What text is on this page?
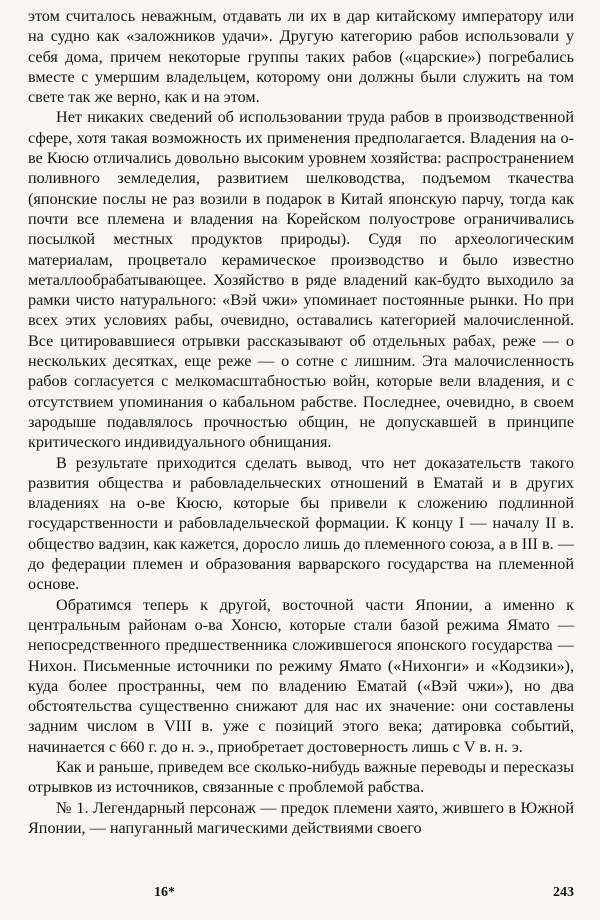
этом считалось неважным, отдавать ли их в дар китайскому императору или на судно как «заложников удачи». Другую категорию рабов использовали у себя дома, причем некоторые группы таких рабов («царские») погребались вместе с умершим владельцем, которому они должны были служить на том свете так же верно, как и на этом.

Нет никаких сведений об использовании труда рабов в производственной сфере, хотя такая возможность их применения предполагается. Владения на о-ве Кюсю отличались довольно высоким уровнем хозяйства: распространением поливного земледелия, развитием шелководства, подъемом ткачества (японские послы не раз возили в подарок в Китай японскую парчу, тогда как почти все племена и владения на Корейском полуострове ограничивались посылкой местных продуктов природы). Судя по археологическим материалам, процветало керамическое производство и было известно металлообрабатывающее. Хозяйство в ряде владений как-будто выходило за рамки чисто натурального: «Вэй чжи» упоминает постоянные рынки. Но при всех этих условиях рабы, очевидно, оставались категорией малочисленной. Все цитировавшиеся отрывки рассказывают об отдельных рабах, реже — о нескольких десятках, еще реже — о сотне с лишним. Эта малочисленность рабов согласуется с мелкомасштабностью войн, которые вели владения, и с отсутствием упоминания о кабальном рабстве. Последнее, очевидно, в своем зародыше подавлялось прочностью общин, не допускавшей в принципе критического индивидуального обнищания.

В результате приходится сделать вывод, что нет доказательств такого развития общества и рабовладельческих отношений в Ематай и в других владениях на о-ве Кюсю, которые бы привели к сложению подлинной государственности и рабовладельческой формации. К концу I — началу II в. общество вадзин, как кажется, доросло лишь до племенного союза, а в III в. — до федерации племен и образования варварского государства на племенной основе.

Обратимся теперь к другой, восточной части Японии, а именно к центральным районам о-ва Хонсю, которые стали базой режима Ямато — непосредственного предшественника сложившегося японского государства — Нихон. Письменные источники по режиму Ямато («Нихонги» и «Кодзики»), куда более пространны, чем по владению Ематай («Вэй чжи»), но два обстоятельства существенно снижают для нас их значение: они составлены задним числом в VIII в. уже с позиций этого века; датировка событий, начинается с 660 г. до н. э., приобретает достоверность лишь с V в. н. э.

Как и раньше, приведем все сколько-нибудь важные переводы и пересказы отрывков из источников, связанные с проблемой рабства.

№ 1. Легендарный персонаж — предок племени хаято, жившего в Южной Японии, — напуганный магическими действиями своего

16*	243
